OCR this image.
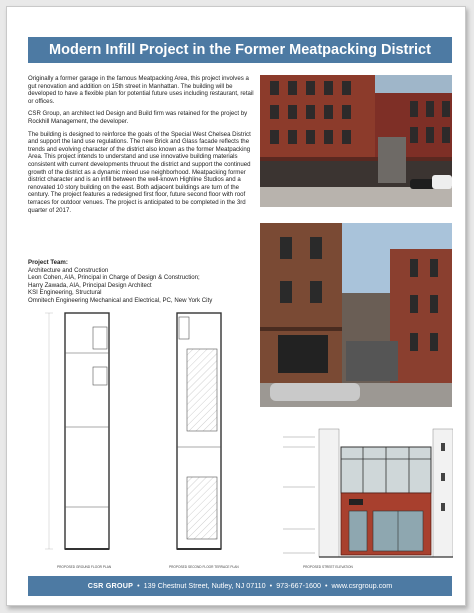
Modern Infill Project in the Former Meatpacking District

Originally a former garage in the famous Meatpacking Area, this project involves a gut renovation and addition on 15th street in Manhattan. The building will be developed to have a flexible plan for potential future uses including restaurant, retail or offices.

CSR Group, an architect led Design and Build firm was retained for the project by Rockhill Management, the developer.

The building is designed to reinforce the goals of the Special West Chelsea District and support the land use regulations. The new Brick and Glass facade reflects the trends and evolving character of the district also known as the former Meatpacking Area. This project intends to understand and use innovative building materials consistent with current developments thruout the district and support the continued growth of the district as a dynamic mixed use neighborhood. Meatpacking former district character and is an infill between the well-known Highline Studios and a renovated 10 story building on the east. Both adjacent buildings are turn of the century. The project features a redesigned first floor, future second floor with roof terraces for outdoor venues. The project is anticipated to be completed in the 3rd quarter of 2017.

Project Team:
Architecture and Construction
Leon Cohen, AIA, Principal in Charge of Design & Construction;
Harry Zawada, AIA, Principal Design Architect
KSI Engineering, Structural
Omnitech Engineering Mechanical and Electrical, PC, New York City
PROPOSED GROUND FLOOR PLAN	PROPOSED SECOND FLOOR TERRACE PLAN	PROPOSED STREET ELEVATION
CSR GROUP • 139 Chestnut Street, Nutley, NJ 07110 • 973-667-1600 • www.csrgroup.com
